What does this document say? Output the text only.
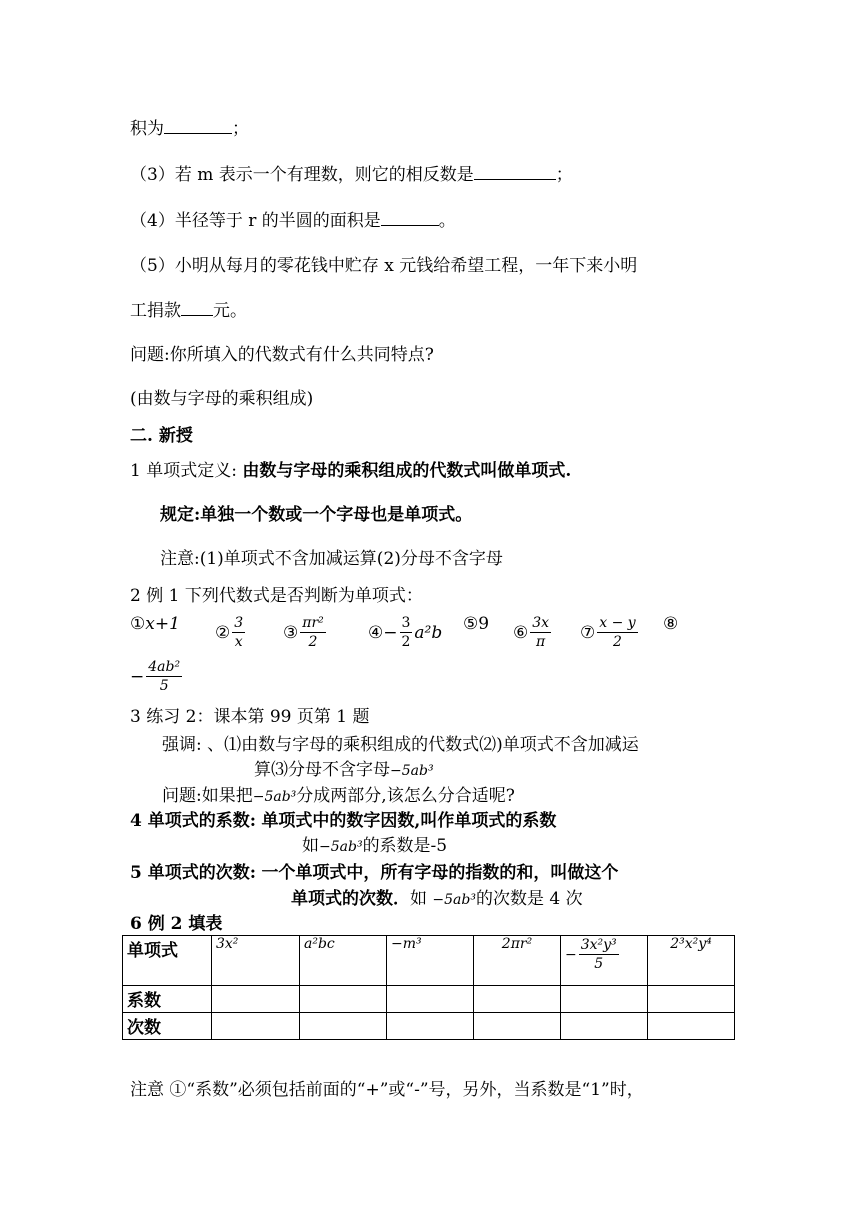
积为	；
（3）若 m 表示一个有理数，则它的相反数是	；
（4）半径等于 r 的半圆的面积是	。
（5）小明从每月的零花钱中贮存 x 元钱给希望工程，一年下来小明
工捐款 元。
问题:你所填入的代数式有什么共同特点?
(由数与字母的乘积组成)
二. 新授
1 单项式定义: 由数与字母的乘积组成的代数式叫做单项式.
规定:单独一个数或一个字母也是单项式。
注意:(1)单项式不含加减运算(2)分母不含字母
2 例 1 下列代数式是否判断为单项式：
① x+1 ② $\frac{3}{x}$ ③ $\frac{\text{πr²}}{2}$ ④ − $\frac{3}{2} a^2b$ ⑤ 9 ⑥ $\frac{3x}{\pi}$ ⑦ $\frac{x - y}{2}$ ⑧
− $\frac{\text{4ab²}}{5}$
3 练习 2：课本第 99 页第 1 题
强调: 、⑴由数与字母的乘积组成的代数式⑵)单项式不含加减运
算⑶分母不含字母−5ab³
问题:如果把−5ab³分成两部分,该怎么分合适呢?
4 单项式的系数: 单项式中的数字因数,叫作单项式的系数
如−5ab³的系数是-5
5 单项式的次数: 一个单项式中，所有字母的指数的和，叫做这个
单项式的次数．如 −5ab³的次数是 4 次
6 例 2 填表
单项式	3x²	a²bc	−m³	2πr²	− $\frac{\text{3x²y³}}{5}$	2³x²y⁴
系数						
次数						
注意 ①“系数”必须包括前面的“+”或“-”号，另外，当系数是“1”时，
